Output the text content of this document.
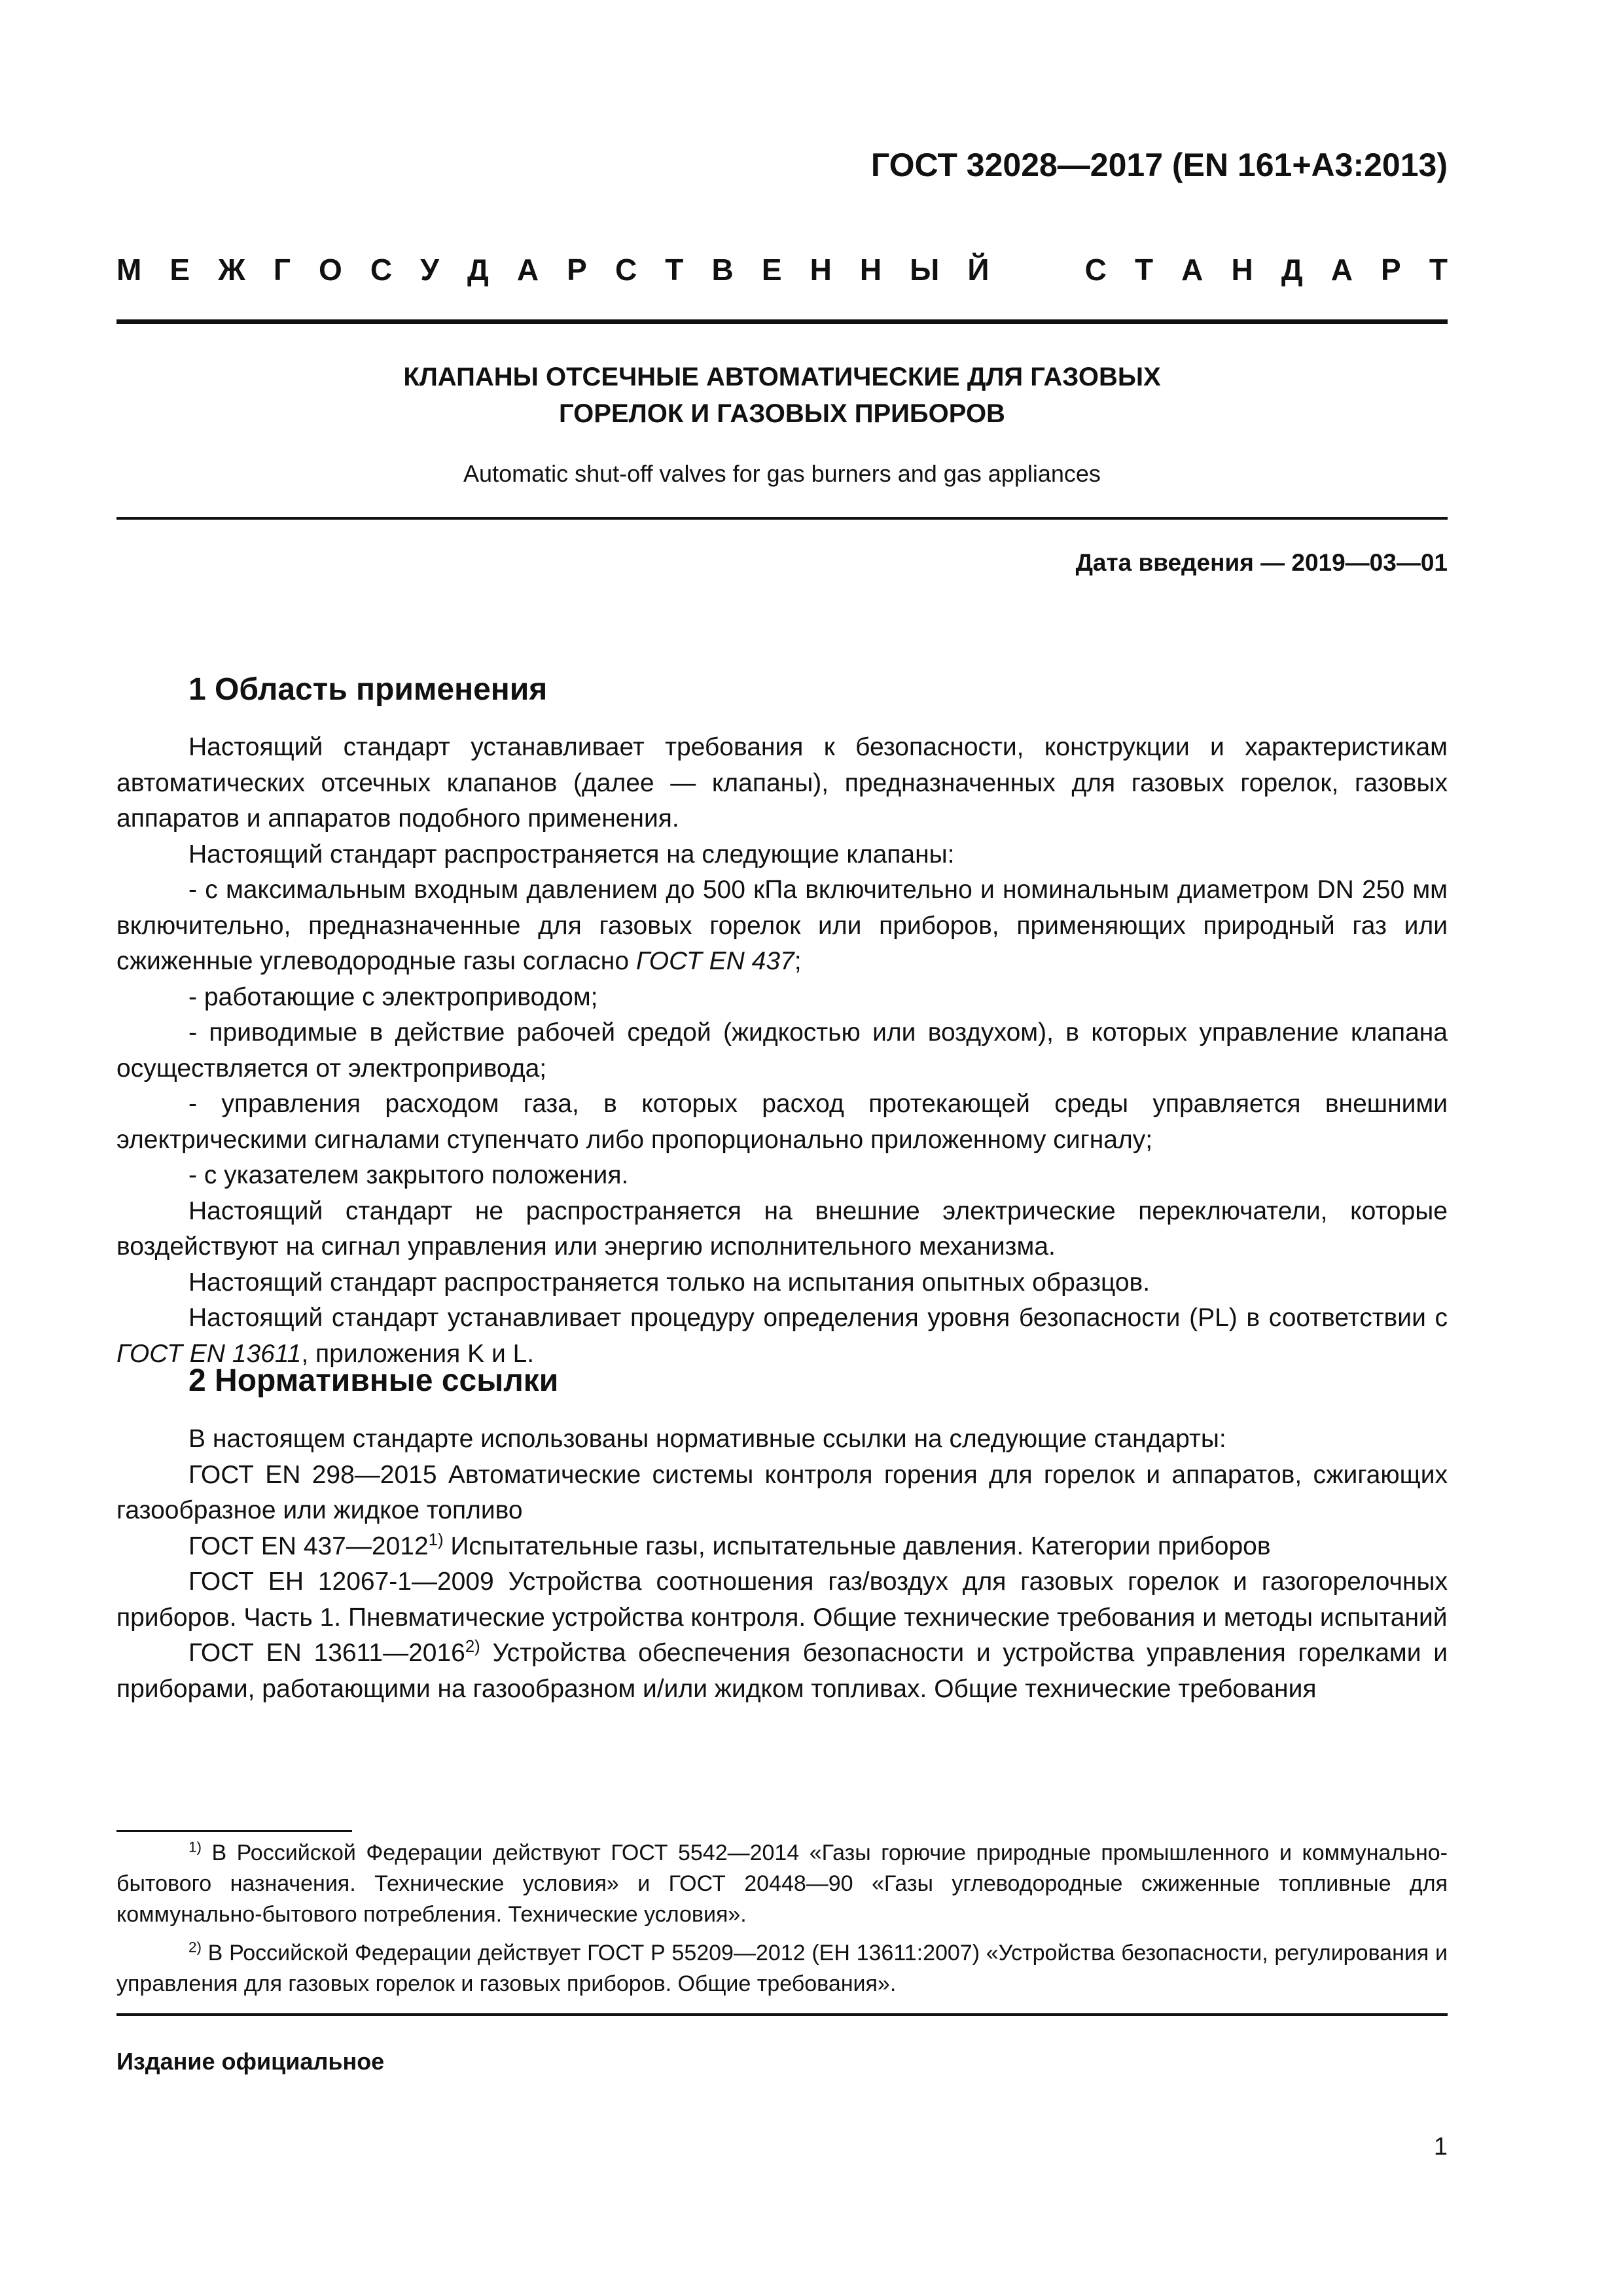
ГОСТ 32028—2017 (EN 161+A3:2013)
М Е Ж Г О С У Д А Р С Т В Е Н Н Ы Й	С Т А Н Д А Р Т
КЛАПАНЫ ОТСЕЧНЫЕ АВТОМАТИЧЕСКИЕ ДЛЯ ГАЗОВЫХ
ГОРЕЛОК И ГАЗОВЫХ ПРИБОРОВ
Automatic shut-off valves for gas burners and gas appliances
Дата введения — 2019—03—01
1 Область применения

Настоящий стандарт устанавливает требования к безопасности, конструкции и характеристикам автоматических отсечных клапанов (далее — клапаны), предназначенных для газовых горелок, газовых аппаратов и аппаратов подобного применения.

Настоящий стандарт распространяется на следующие клапаны:

- с максимальным входным давлением до 500 кПа включительно и номинальным диаметром DN 250 мм включительно, предназначенные для газовых горелок или приборов, применяющих природный газ или сжиженные углеводородные газы согласно ГОСТ EN 437;

- работающие с электроприводом;

- приводимые в действие рабочей средой (жидкостью или воздухом), в которых управление клапана осуществляется от электропривода;

- управления расходом газа, в которых расход протекающей среды управляется внешними электрическими сигналами ступенчато либо пропорционально приложенному сигналу;

- с указателем закрытого положения.

Настоящий стандарт не распространяется на внешние электрические переключатели, которые воздействуют на сигнал управления или энергию исполнительного механизма.

Настоящий стандарт распространяется только на испытания опытных образцов.

Настоящий стандарт устанавливает процедуру определения уровня безопасности (PL) в соответствии с ГОСТ EN 13611, приложения K и L.

2 Нормативные ссылки

В настоящем стандарте использованы нормативные ссылки на следующие стандарты:

ГОСТ EN 298—2015 Автоматические системы контроля горения для горелок и аппаратов, сжигающих газообразное или жидкое топливо

ГОСТ EN 437—2012$^{1)}$ Испытательные газы, испытательные давления. Категории приборов

ГОСТ ЕН 12067-1—2009 Устройства соотношения газ/воздух для газовых горелок и газогорелочных приборов. Часть 1. Пневматические устройства контроля. Общие технические требования и методы испытаний

ГОСТ EN 13611—2016$^{2)}$ Устройства обеспечения безопасности и устройства управления горелками и приборами, работающими на газообразном и/или жидком топливах. Общие технические требования

$^{1)}$ В Российской Федерации действуют ГОСТ 5542—2014 «Газы горючие природные промышленного и коммунально-бытового назначения. Технические условия» и ГОСТ 20448—90 «Газы углеводородные сжиженные топливные для коммунально-бытового потребления. Технические условия».

$^{2)}$ В Российской Федерации действует ГОСТ Р 55209—2012 (ЕН 13611:2007) «Устройства безопасности, регулирования и управления для газовых горелок и газовых приборов. Общие требования».

Издание официальное
1
